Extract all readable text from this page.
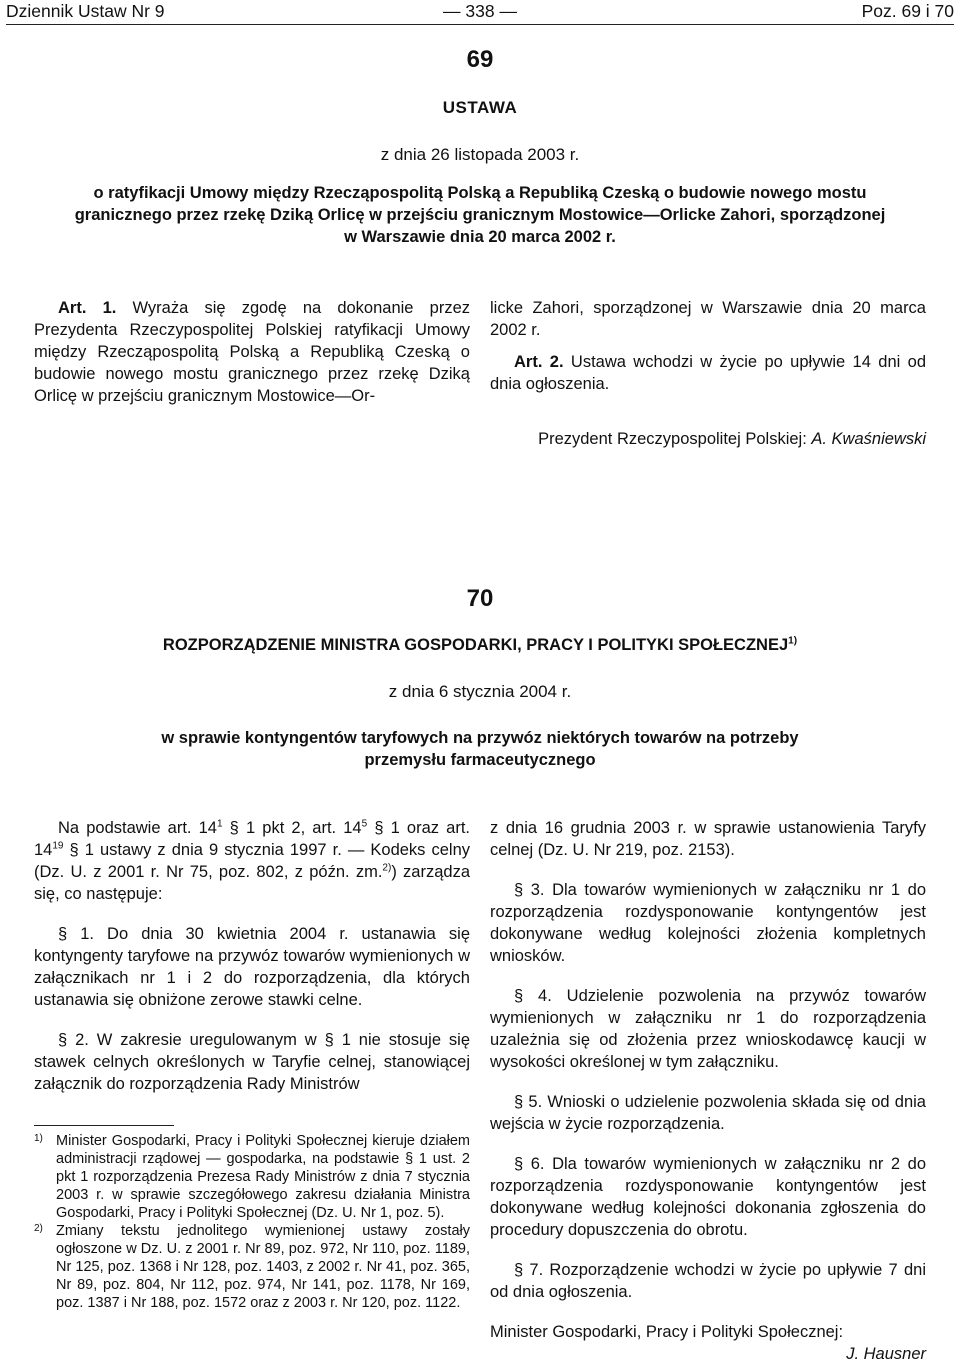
Dziennik Ustaw Nr 9	— 338 —	Poz. 69 i 70
69
USTAWA
z dnia 26 listopada 2003 r.
o ratyfikacji Umowy między Rzecząpospolitą Polską a Republiką Czeską o budowie nowego mostu
granicznego przez rzekę Dziką Orlicę w przejściu granicznym Mostowice—Orlicke Zahori, sporządzonej
w Warszawie dnia 20 marca 2002 r.

Art. 1. Wyraża się zgodę na dokonanie przez Prezydenta Rzeczypospolitej Polskiej ratyfikacji Umowy między Rzecząpospolitą Polską a Republiką Czeską o budowie nowego mostu granicznego przez rzekę Dziką Orlicę w przejściu granicznym Mostowice—Or-

licke Zahori, sporządzonej w Warszawie dnia 20 marca 2002 r.

Art. 2. Ustawa wchodzi w życie po upływie 14 dni od dnia ogłoszenia.

Prezydent Rzeczypospolitej Polskiej: A. Kwaśniewski
70
ROZPORZĄDZENIE MINISTRA GOSPODARKI, PRACY I POLITYKI SPOŁECZNEJ$^{1)}$
z dnia 6 stycznia 2004 r.
w sprawie kontyngentów taryfowych na przywóz niektórych towarów na potrzeby
przemysłu farmaceutycznego

Na podstawie art. $14^1$ § 1 pkt 2, art. $14^5$ § 1 oraz art. $14^{19}$ § 1 ustawy z dnia 9 stycznia 1997 r. — Kodeks celny (Dz. U. z 2001 r. Nr 75, poz. 802, z późn. zm.$^{2)}$) zarządza się, co następuje:

§ 1. Do dnia 30 kwietnia 2004 r. ustanawia się kontyngenty taryfowe na przywóz towarów wymienionych w załącznikach nr 1 i 2 do rozporządzenia, dla których ustanawia się obniżone zerowe stawki celne.

§ 2. W zakresie uregulowanym w § 1 nie stosuje się stawek celnych określonych w Taryfie celnej, stanowiącej załącznik do rozporządzenia Rady Ministrów

1) Minister Gospodarki, Pracy i Polityki Społecznej kieruje działem administracji rządowej — gospodarka, na podstawie § 1 ust. 2 pkt 1 rozporządzenia Prezesa Rady Ministrów z dnia 7 stycznia 2003 r. w sprawie szczegółowego zakresu działania Ministra Gospodarki, Pracy i Polityki Społecznej (Dz. U. Nr 1, poz. 5).
2) Zmiany tekstu jednolitego wymienionej ustawy zostały ogłoszone w Dz. U. z 2001 r. Nr 89, poz. 972, Nr 110, poz. 1189, Nr 125, poz. 1368 i Nr 128, poz. 1403, z 2002 r. Nr 41, poz. 365, Nr 89, poz. 804, Nr 112, poz. 974, Nr 141, poz. 1178, Nr 169, poz. 1387 i Nr 188, poz. 1572 oraz z 2003 r. Nr 120, poz. 1122.

z dnia 16 grudnia 2003 r. w sprawie ustanowienia Taryfy celnej (Dz. U. Nr 219, poz. 2153).

§ 3. Dla towarów wymienionych w załączniku nr 1 do rozporządzenia rozdysponowanie kontyngentów jest dokonywane według kolejności złożenia kompletnych wniosków.

§ 4. Udzielenie pozwolenia na przywóz towarów wymienionych w załączniku nr 1 do rozporządzenia uzależnia się od złożenia przez wnioskodawcę kaucji w wysokości określonej w tym załączniku.

§ 5. Wnioski o udzielenie pozwolenia składa się od dnia wejścia w życie rozporządzenia.

§ 6. Dla towarów wymienionych w załączniku nr 2 do rozporządzenia rozdysponowanie kontyngentów jest dokonywane według kolejności dokonania zgłoszenia do procedury dopuszczenia do obrotu.

§ 7. Rozporządzenie wchodzi w życie po upływie 7 dni od dnia ogłoszenia.

Minister Gospodarki, Pracy i Polityki Społecznej:

J. Hausner
